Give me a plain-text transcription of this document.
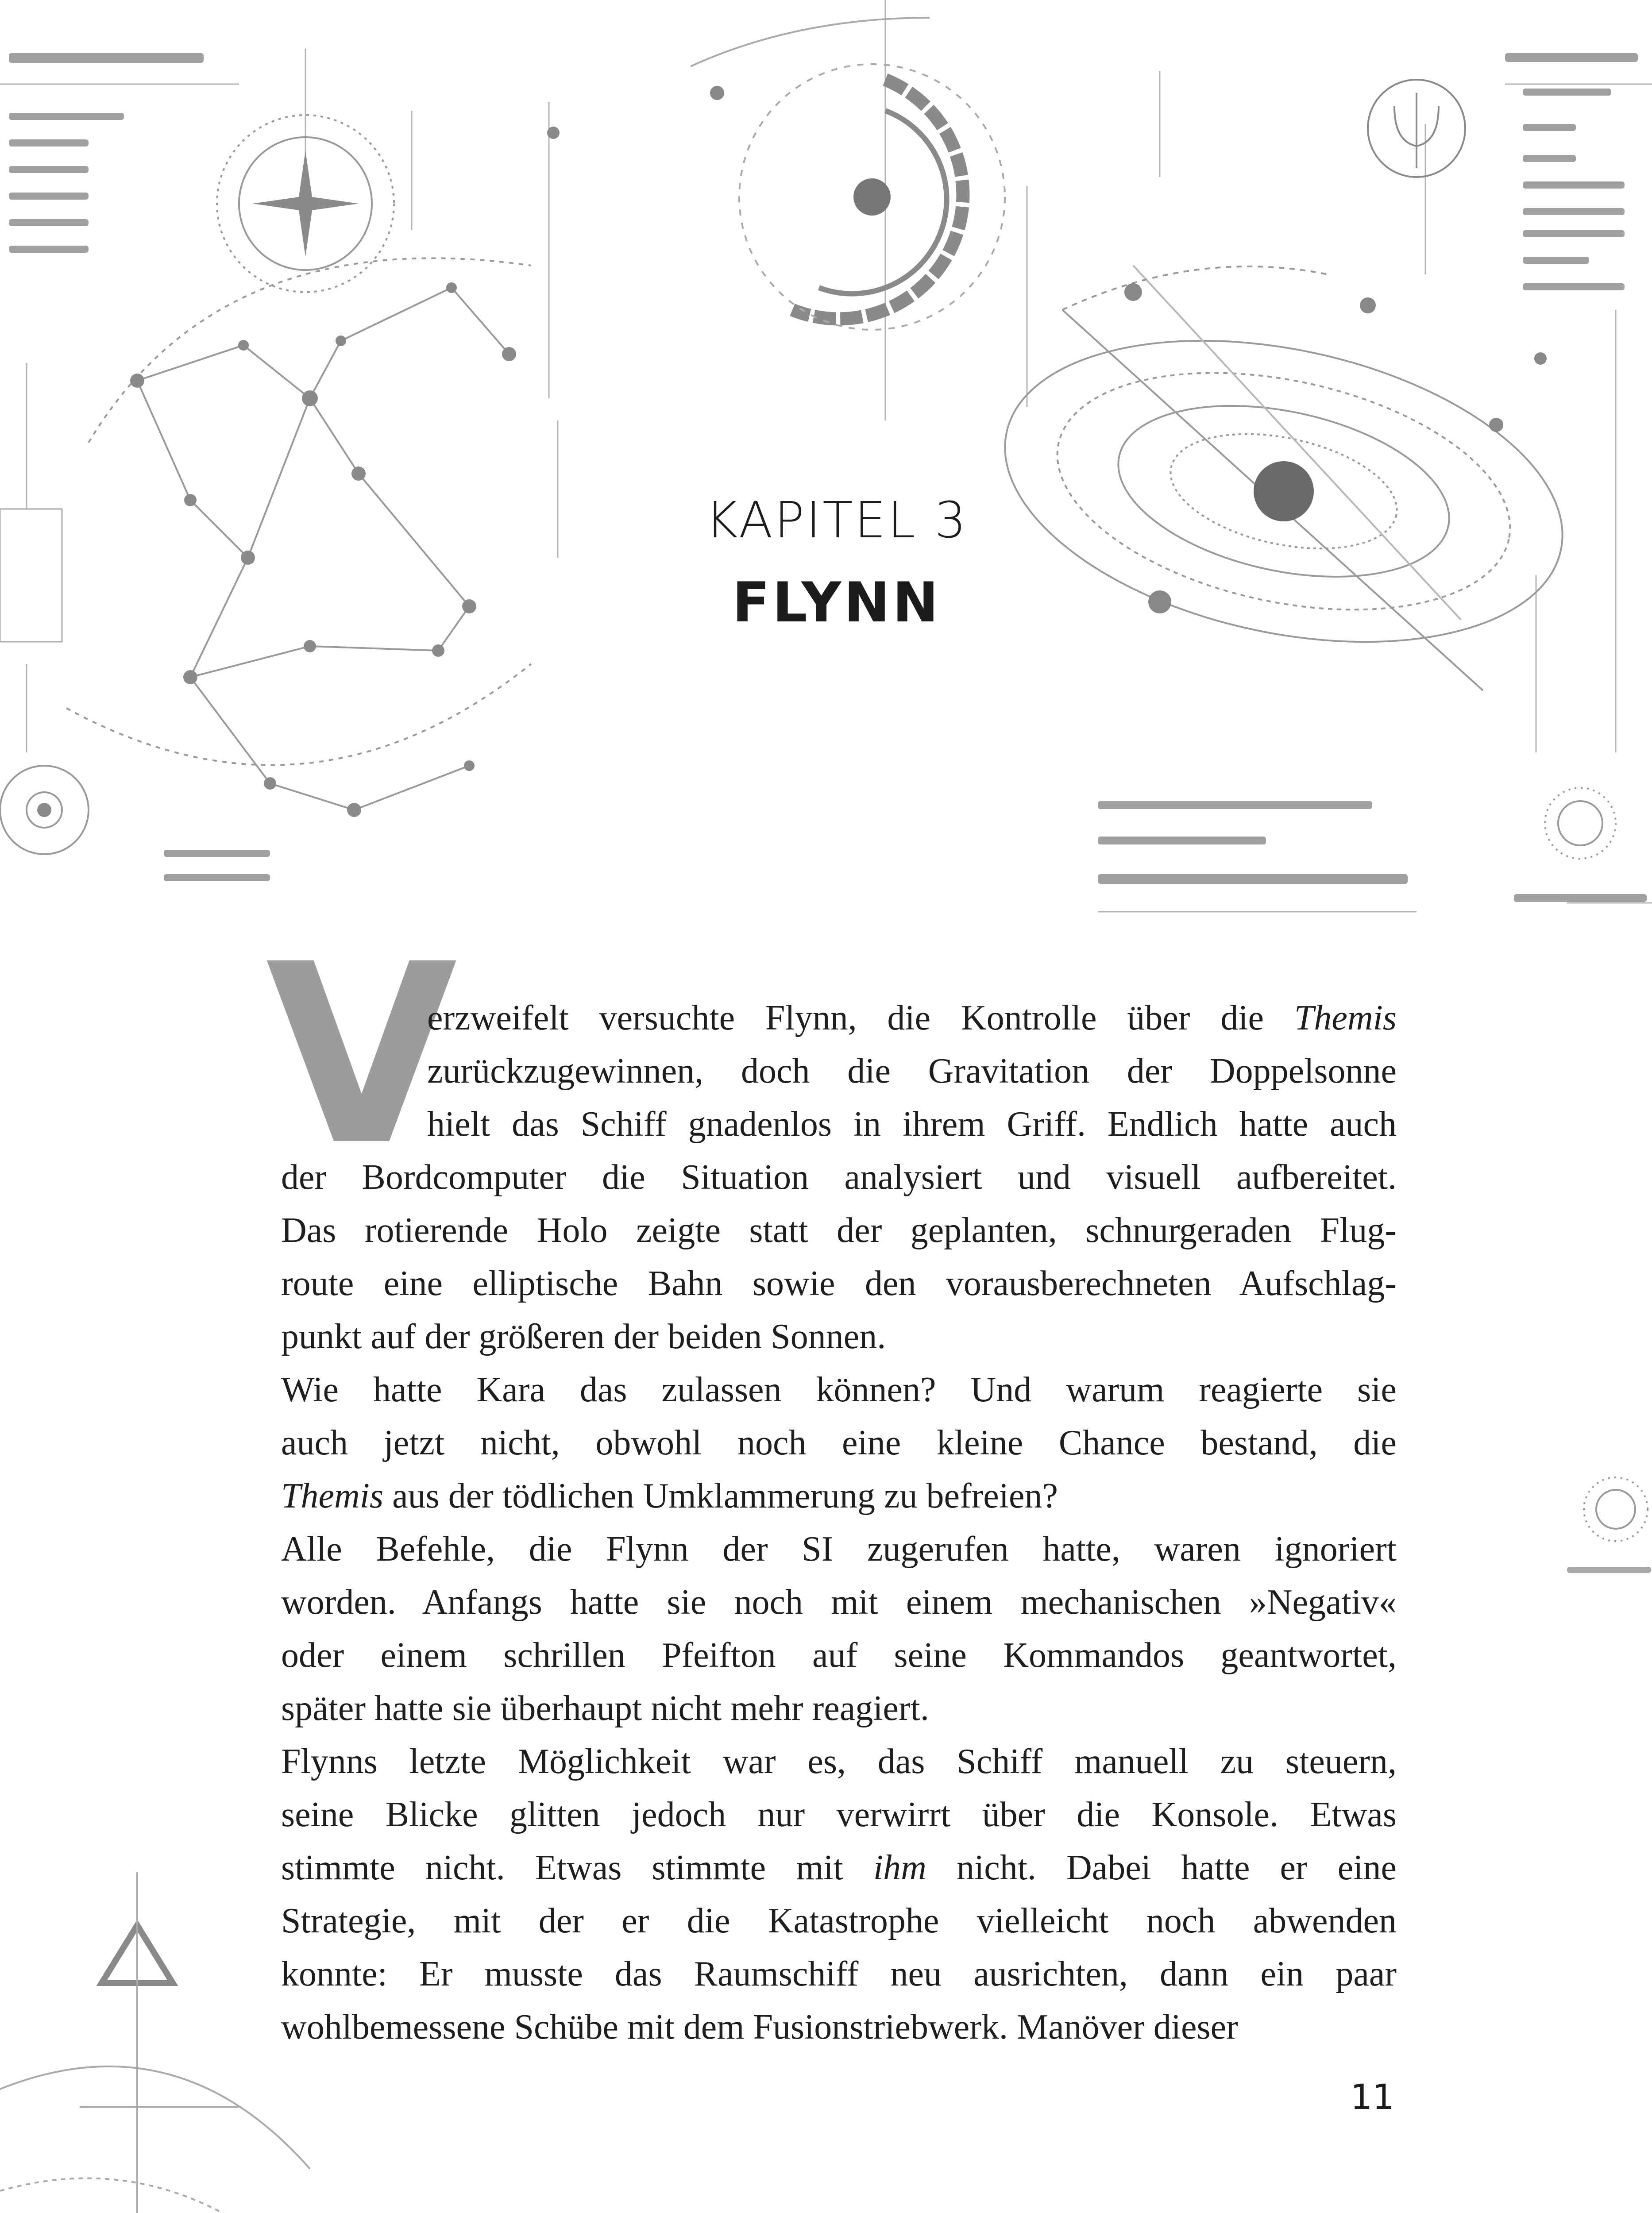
KAPITEL 3
FLYNN
V
erzweifelt versuchte Flynn, die Kontrolle über die Themis
zurückzugewinnen, doch die Gravitation der Doppelsonne
hielt das Schiff gnadenlos in ihrem Griff. Endlich hatte auch
der Bordcomputer die Situation analysiert und visuell aufbereitet.
Das rotierende Holo zeigte statt der geplanten, schnurgeraden Flug-
route eine elliptische Bahn sowie den vorausberechneten Aufschlag-
punkt auf der größeren der beiden Sonnen.
Wie hatte Kara das zulassen können? Und warum reagierte sie
auch jetzt nicht, obwohl noch eine kleine Chance bestand, die
Themis aus der tödlichen Umklammerung zu befreien?
Alle Befehle, die Flynn der SI zugerufen hatte, waren ignoriert
worden. Anfangs hatte sie noch mit einem mechanischen »Negativ«
oder einem schrillen Pfeifton auf seine Kommandos geantwortet,
später hatte sie überhaupt nicht mehr reagiert.
Flynns letzte Möglichkeit war es, das Schiff manuell zu steuern,
seine Blicke glitten jedoch nur verwirrt über die Konsole. Etwas
stimmte nicht. Etwas stimmte mit ihm nicht. Dabei hatte er eine
Strategie, mit der er die Katastrophe vielleicht noch abwenden
konnte: Er musste das Raumschiff neu ausrichten, dann ein paar
wohlbemessene Schübe mit dem Fusionstriebwerk. Manöver dieser
11
